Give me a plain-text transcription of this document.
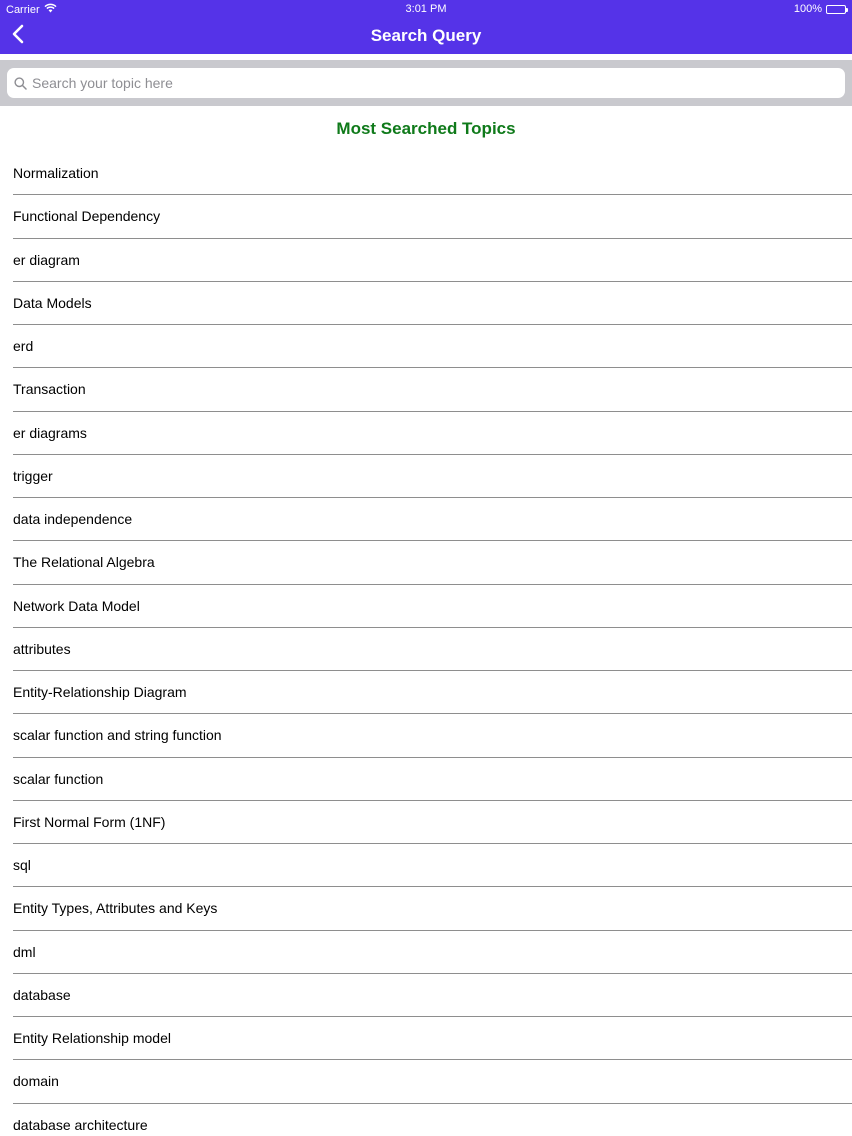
Carrier	3:01 PM	100%
Search Query
Search your topic here
Most Searched Topics
Normalization
Functional Dependency
er diagram
Data Models
erd
Transaction
er diagrams
trigger
data independence
The Relational Algebra
Network Data Model
attributes
Entity-Relationship Diagram
scalar function and string function
scalar function
First Normal Form (1NF)
sql
Entity Types, Attributes and Keys
dml
database
Entity Relationship model
domain
database architecture
